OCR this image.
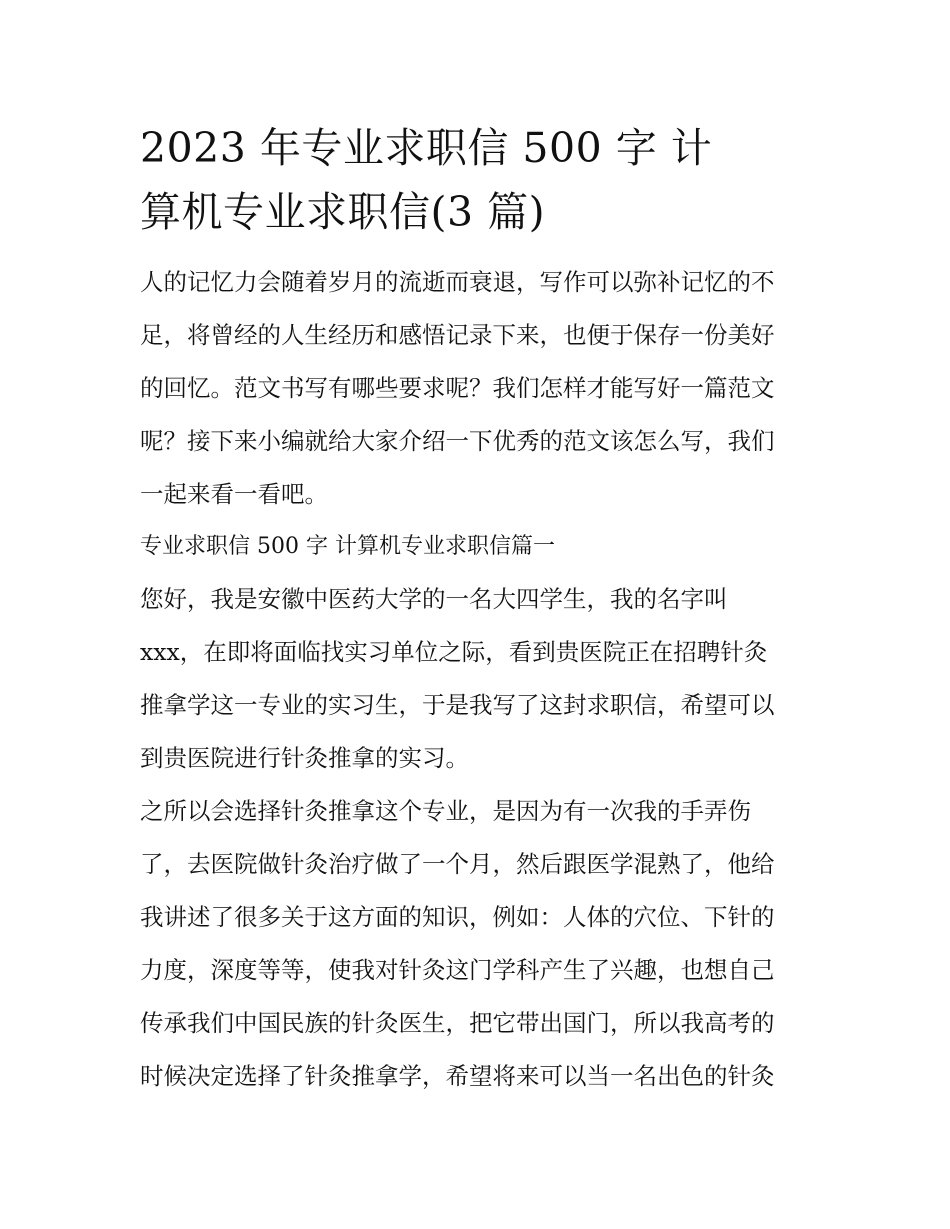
2023 年专业求职信 500 字 计
算机专业求职信(3 篇)

人的记忆力会随着岁月的流逝而衰退，写作可以弥补记忆的不
足，将曾经的人生经历和感悟记录下来，也便于保存一份美好
的回忆。范文书写有哪些要求呢？我们怎样才能写好一篇范文
呢？接下来小编就给大家介绍一下优秀的范文该怎么写，我们
一起来看一看吧。

专业求职信 500 字 计算机专业求职信篇一

您好，我是安徽中医药大学的一名大四学生，我的名字叫
xxx，在即将面临找实习单位之际，看到贵医院正在招聘针灸
推拿学这一专业的实习生，于是我写了这封求职信，希望可以
到贵医院进行针灸推拿的实习。

之所以会选择针灸推拿这个专业，是因为有一次我的手弄伤
了，去医院做针灸治疗做了一个月，然后跟医学混熟了，他给
我讲述了很多关于这方面的知识，例如：人体的穴位、下针的
力度，深度等等，使我对针灸这门学科产生了兴趣，也想自己
传承我们中国民族的针灸医生，把它带出国门，所以我高考的
时候决定选择了针灸推拿学，希望将来可以当一名出色的针灸
